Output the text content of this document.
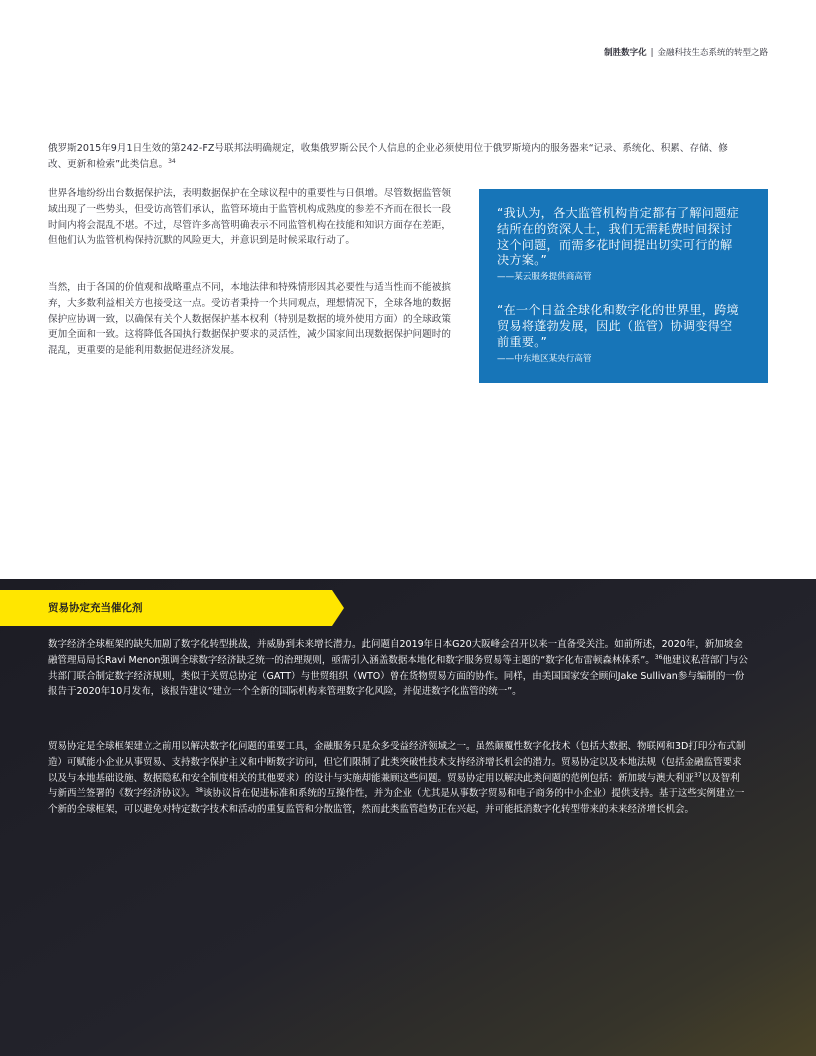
制胜数字化 | 金融科技生态系统的转型之路
俄罗斯2015年9月1日生效的第242-FZ号联邦法明确规定，收集俄罗斯公民个人信息的企业必须使用位于俄罗斯境内的服务器来“记录、系统化、积累、存储、修改、更新和检索”此类信息。$^{34}$
世界各地纷纷出台数据保护法，表明数据保护在全球议程中的重要性与日俱增。尽管数据监管领域出现了一些势头，但受访高管们承认，监管环境由于监管机构成熟度的参差不齐而在很长一段时间内将会混乱不堪。不过，尽管许多高管明确表示不同监管机构在技能和知识方面存在差距，但他们认为监管机构保持沉默的风险更大，并意识到是时候采取行动了。
当然，由于各国的价值观和战略重点不同，本地法律和特殊情形因其必要性与适当性而不能被摈弃，大多数利益相关方也接受这一点。受访者秉持一个共同观点，理想情况下，全球各地的数据保护应协调一致，以确保有关个人数据保护基本权利（特别是数据的境外使用方面）的全球政策更加全面和一致。这将降低各国执行数据保护要求的灵活性，减少国家间出现数据保护问题时的混乱，更重要的是能利用数据促进经济发展。
“我认为，各大监管机构肯定都有了解问题症结所在的资深人士，我们无需耗费时间探讨这个问题，而需多花时间提出切实可行的解决方案。”
——某云服务提供商高管
“在一个日益全球化和数字化的世界里，跨境贸易将蓬勃发展，因此（监管）协调变得空前重要。”
——中东地区某央行高管
贸易协定充当催化剂
数字经济全球框架的缺失加剧了数字化转型挑战，并威胁到未来增长潜力。此问题自2019年日本G20大阪峰会召开以来一直备受关注。如前所述，2020年，新加坡金融管理局局长Ravi Menon强调全球数字经济缺乏统一的治理规则，亟需引入涵盖数据本地化和数字服务贸易等主题的“数字化布雷顿森林体系”。$^{36}$他建议私营部门与公共部门联合制定数字经济规则，类似于关贸总协定（GATT）与世贸组织（WTO）曾在货物贸易方面的协作。同样，由美国国家安全顾问Jake Sullivan参与编制的一份报告于2020年10月发布，该报告建议“建立一个全新的国际机构来管理数字化风险，并促进数字化监管的统一”。
贸易协定是全球框架建立之前用以解决数字化问题的重要工具，金融服务只是众多受益经济领域之一。虽然颠覆性数字化技术（包括大数据、物联网和3D打印分布式制造）可赋能小企业从事贸易、支持数字保护主义和中断数字访问，但它们限制了此类突破性技术支持经济增长机会的潜力。贸易协定以及本地法规（包括金融监管要求以及与本地基础设施、数据隐私和安全制度相关的其他要求）的设计与实施却能兼顾这些问题。贸易协定用以解决此类问题的范例包括：新加坡与澳大利亚$^{37}$以及智利与新西兰签署的《数字经济协议》。$^{38}$该协议旨在促进标准和系统的互操作性，并为企业（尤其是从事数字贸易和电子商务的中小企业）提供支持。基于这些实例建立一个新的全球框架，可以避免对特定数字技术和活动的重复监管和分散监管，然而此类监管趋势正在兴起，并可能抵消数字化转型带来的未来经济增长机会。
